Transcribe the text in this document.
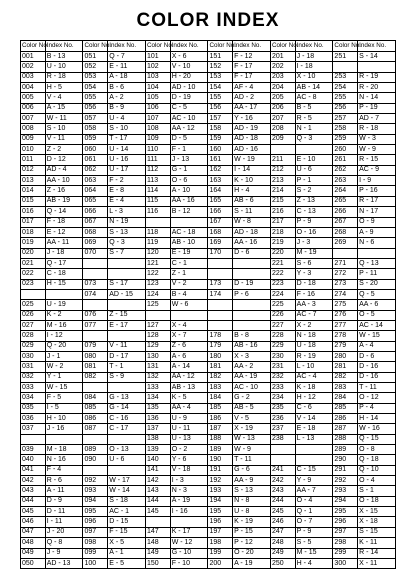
COLOR INDEX
Color No.	Index No.	Color No.	Index No.	Color No.	Index No.	Color No.	Index No.	Color No.	Index No.	Color No.	Index No.
001	B - 13	051	Q - 7	101	X - 6	151	F - 12	201	J - 18	251	S - 14
002	U - 10	052	E - 11	102	V - 10	152	F - 17	202	I - 18		
003	R - 18	053	A - 18	103	H - 20	153	F - 17	203	X - 10	253	R - 19
004	H - 5	054	B - 6	104	AD - 10	154	AF - 4	204	AB - 14	254	R - 20
005	V - 4	055	A - 2	105	D - 19	155	AD - 2	205	AC - 8	255	N - 14
006	A - 15	056	B - 9	106	C - 5	156	AA - 17	206	B - 5	256	P - 19
007	W - 11	057	U - 4	107	AC - 10	157	Y - 16	207	R - 5	257	AD - 7
008	S - 10	058	S - 10	108	AA - 12	158	AD - 19	208	N - 1	258	R - 18
009	V - 11	059	T - 17	109	D - 5	159	AD - 18	209	Q - 3	259	W - 3
010	Z - 2	060	U - 14	110	F - 1	160	AD - 16			260	W - 9
011	D - 12	061	U - 16	111	J - 13	161	W - 19	211	E - 10	261	R - 15
012	AD - 4	062	U - 17	112	G - 1	162	I - 14	212	U - 6	262	AC - 9
013	AA - 10	063	F - 2	113	O - 6	163	K - 10	213	P - 1	263	I - 9
014	Z - 16	064	E - 8	114	A - 10	164	H - 4	214	S - 2	264	P - 16
015	AB - 19	065	E - 4	115	AA - 16	165	AB - 6	215	Z - 13	265	R - 17
016	Q - 14	066	L - 3	116	B - 12	166	S - 11	216	C - 13	266	N - 17
017	F - 18	067	N - 19			167	W - 8	217	P - 9	267	O - 9
018	E - 12	068	S - 13	118	AC - 18	168	AD - 18	218	O - 16	268	A - 9
019	AA - 11	069	Q - 3	119	AB - 10	169	AA - 16	219	J - 3	269	N - 6
020	J - 18	070	S - 7	120	E - 19	170	D - 6	220	M - 19		
021	Q - 17			121	C - 1			221	S - 6	271	Q - 13
022	C - 18			122	Z - 1			222	Y - 3	272	P - 11
023	H - 15	073	S - 17	123	V - 2	173	D - 19	223	D - 18	273	S - 20
		074	AD - 15	124	B - 4	174	P - 6	224	F - 16	274	Q - 5
025	U - 19			125	W - 6			225	AA - 3	275	AA - 6
026	K - 2	076	Z - 15					226	AC - 7	276	O - 5
027	M - 16	077	E - 17	127	X - 4			227	X - 2	277	AC - 14
028	I - 12			128	X - 7	178	B - 8	228	N - 18	278	W - 15
029	Q - 20	079	V - 11	129	Z - 6	179	AB - 16	229	U - 18	279	A - 4
030	J - 1	080	D - 17	130	A - 6	180	X - 3	230	R - 19	280	D - 6
031	W - 2	081	T - 1	131	A - 14	181	AA - 2	231	L - 10	281	D - 16
032	Y - 1	082	S - 9	132	AA - 12	182	AA - 19	232	AC - 4	282	D - 16
033	W - 15			133	AB - 13	183	AC - 10	233	K - 18	283	T - 11
034	F - 5	084	G - 13	134	K - 5	184	G - 2	234	H - 12	284	O - 12
035	I - 5	085	G - 14	135	AA - 4	185	AB - 5	235	C - 6	285	P - 4
036	H - 10	086	C - 16	136	U - 9	186	V - 5	236	V - 14	286	H - 14
037	J - 16	087	C - 17	137	U - 11	187	X - 19	237	E - 18	287	W - 16
				138	U - 13	188	W - 13	238	L - 13	288	Q - 15
039	M - 18	089	O - 13	139	O - 2	189	W - 9			289	O - 8
040	N - 16	090	U - 6	140	Y - 6	190	T - 11			290	Q - 18
041	F - 4			141	V - 18	191	G - 6	241	C - 15	291	Q - 10
042	R - 6	092	W - 17	142	I - 3	192	AA - 9	242	Y - 9	292	O - 4
043	A - 11	093	W - 14	143	N - 3	193	S - 13	243	AA - 7	293	S - 1
044	D - 9	094	S - 18	144	A - 19	194	N - 8	244	O - 4	294	O - 18
045	D - 11	095	AC - 1	145	I - 16	195	U - 8	245	Q - 1	295	X - 15
046	I - 11	096	D - 15			196	K - 19	246	O - 7	296	X - 18
047	J - 20	097	F - 15	147	K - 17	197	P - 15	247	P - 9	297	S - 15
048	Q - 8	098	X - 5	148	W - 12	198	P - 12	248	S - 5	298	K - 11
049	J - 9	099	A - 1	149	G - 10	199	O - 20	249	M - 15	299	R - 14
050	AD - 13	100	E - 5	150	F - 10	200	A - 19	250	H - 4	300	X - 11
